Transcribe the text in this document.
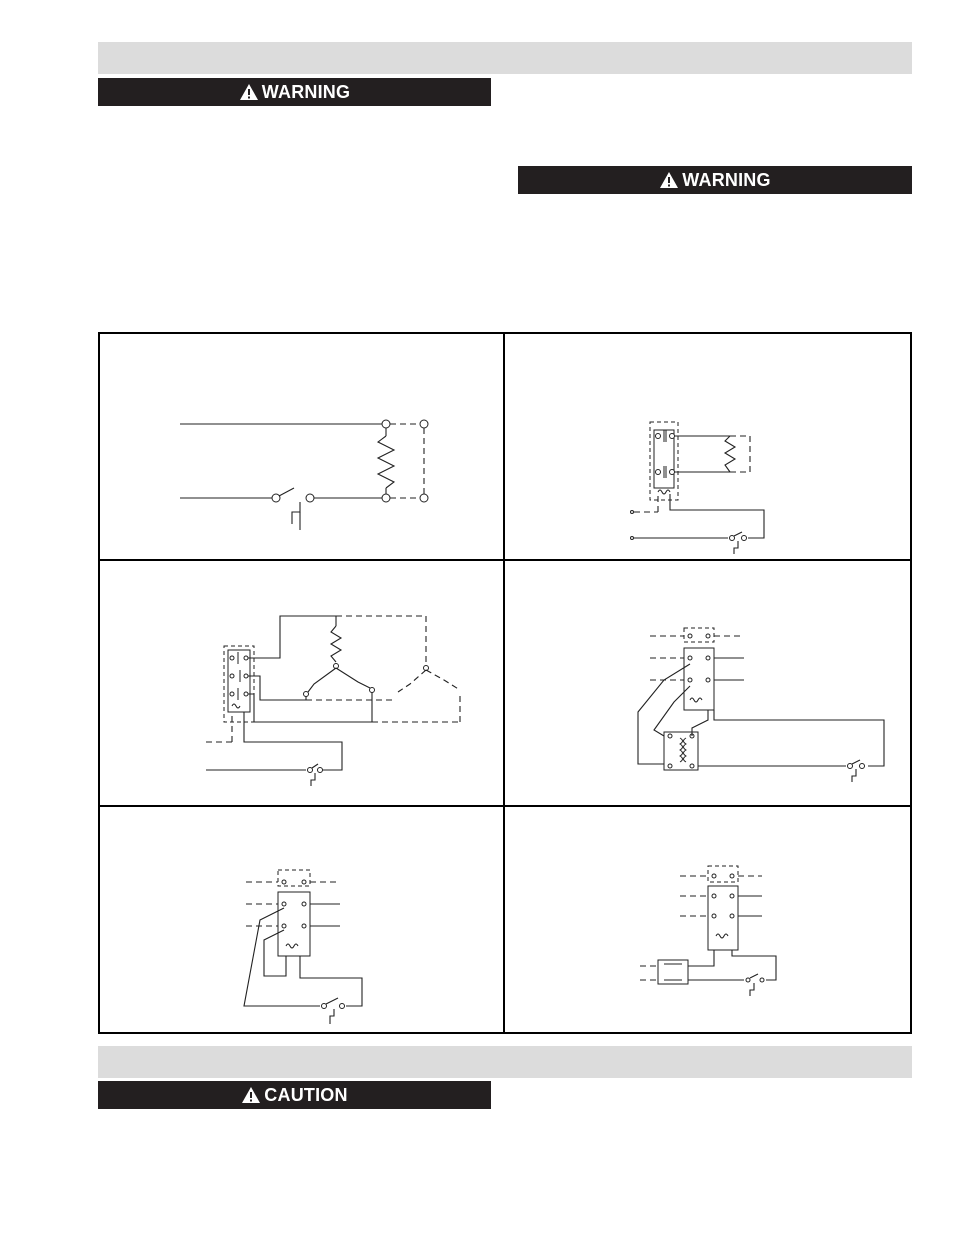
WARNING
WARNING
CAUTION
